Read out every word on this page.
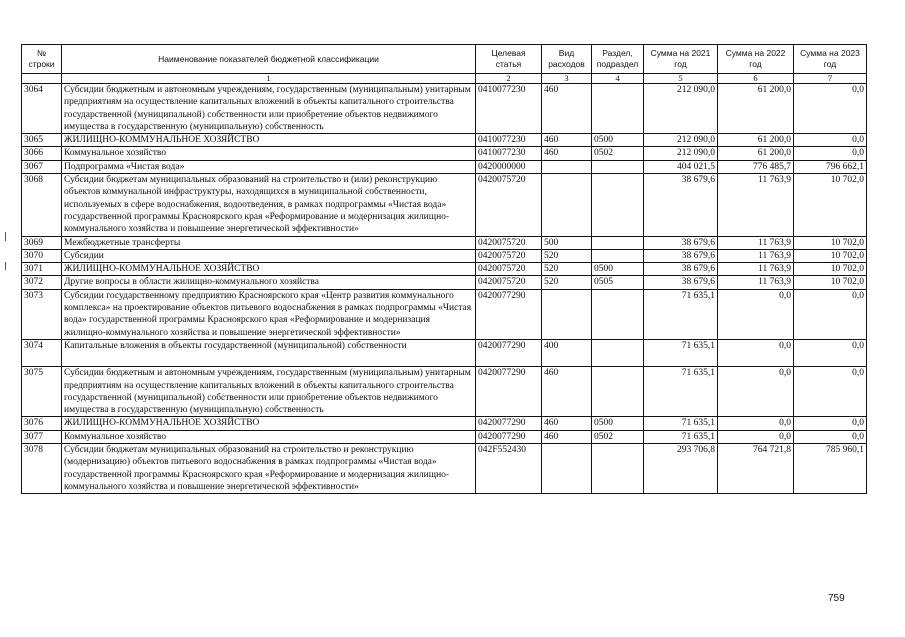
№ строки	Наименование показателей бюджетной классификации	Целевая статья	Вид расходов	Раздел, подраздел	Сумма на 2021 год	Сумма на 2022 год	Сумма на 2023 год
	1	2	3	4	5	6	7
3064	Субсидии бюджетным и автономным учреждениям, государственным (муниципальным) унитарным предприятиям на осуществление капитальных вложений в объекты капитального строительства государственной (муниципальной) собственности или приобретение объектов недвижимого имущества в государственную (муниципальную) собственность	0410077230	460		212 090,0	61 200,0	0,0
3065	ЖИЛИЩНО-КОММУНАЛЬНОЕ ХОЗЯЙСТВО	0410077230	460	0500	212 090,0	61 200,0	0,0
3066	Коммунальное хозяйство	0410077230	460	0502	212 090,0	61 200,0	0,0
3067	Подпрограмма «Чистая вода»	0420000000			404 021,5	776 485,7	796 662,1
3068	Субсидии бюджетам муниципальных образований на строительство и (или) реконструкцию объектов коммунальной инфраструктуры, находящихся в муниципальной собственности, используемых в сфере водоснабжения, водоотведения, в рамках подпрограммы «Чистая вода» государственной программы Красноярского края «Реформирование и модернизация жилищно-коммунального хозяйства и повышение энергетической эффективности»	0420075720			38 679,6	11 763,9	10 702,0
3069	Межбюджетные трансферты	0420075720	500		38 679,6	11 763,9	10 702,0
3070	Субсидии	0420075720	520		38 679,6	11 763,9	10 702,0
3071	ЖИЛИЩНО-КОММУНАЛЬНОЕ ХОЗЯЙСТВО	0420075720	520	0500	38 679,6	11 763,9	10 702,0
3072	Другие вопросы в области жилищно-коммунального хозяйства	0420075720	520	0505	38 679,6	11 763,9	10 702,0
3073	Субсидии государственному предприятию Красноярского края «Центр развития коммунального комплекса» на проектирование объектов питьевого водоснабжения в рамках подпрограммы «Чистая вода» государственной программы Красноярского края «Реформирование и модернизация жилищно-коммунального хозяйства и повышение энергетической эффективности»	0420077290			71 635,1	0,0	0,0
3074	Капитальные вложения в объекты государственной (муниципальной) собственности	0420077290	400		71 635,1	0,0	0,0
3075	Субсидии бюджетным и автономным учреждениям, государственным (муниципальным) унитарным предприятиям на осуществление капитальных вложений в объекты капитального строительства государственной (муниципальной) собственности или приобретение объектов недвижимого имущества в государственную (муниципальную) собственность	0420077290	460		71 635,1	0,0	0,0
3076	ЖИЛИЩНО-КОММУНАЛЬНОЕ ХОЗЯЙСТВО	0420077290	460	0500	71 635,1	0,0	0,0
3077	Коммунальное хозяйство	0420077290	460	0502	71 635,1	0,0	0,0
3078	Субсидии бюджетам муниципальных образований на строительство и реконструкцию (модернизацию) объектов питьевого водоснабжения в рамках подпрограммы «Чистая вода» государственной программы Красноярского края «Реформирование и модернизация жилищно-коммунального хозяйства и повышение энергетической эффективности»	042F552430			293 706,8	764 721,8	785 960,1
759
